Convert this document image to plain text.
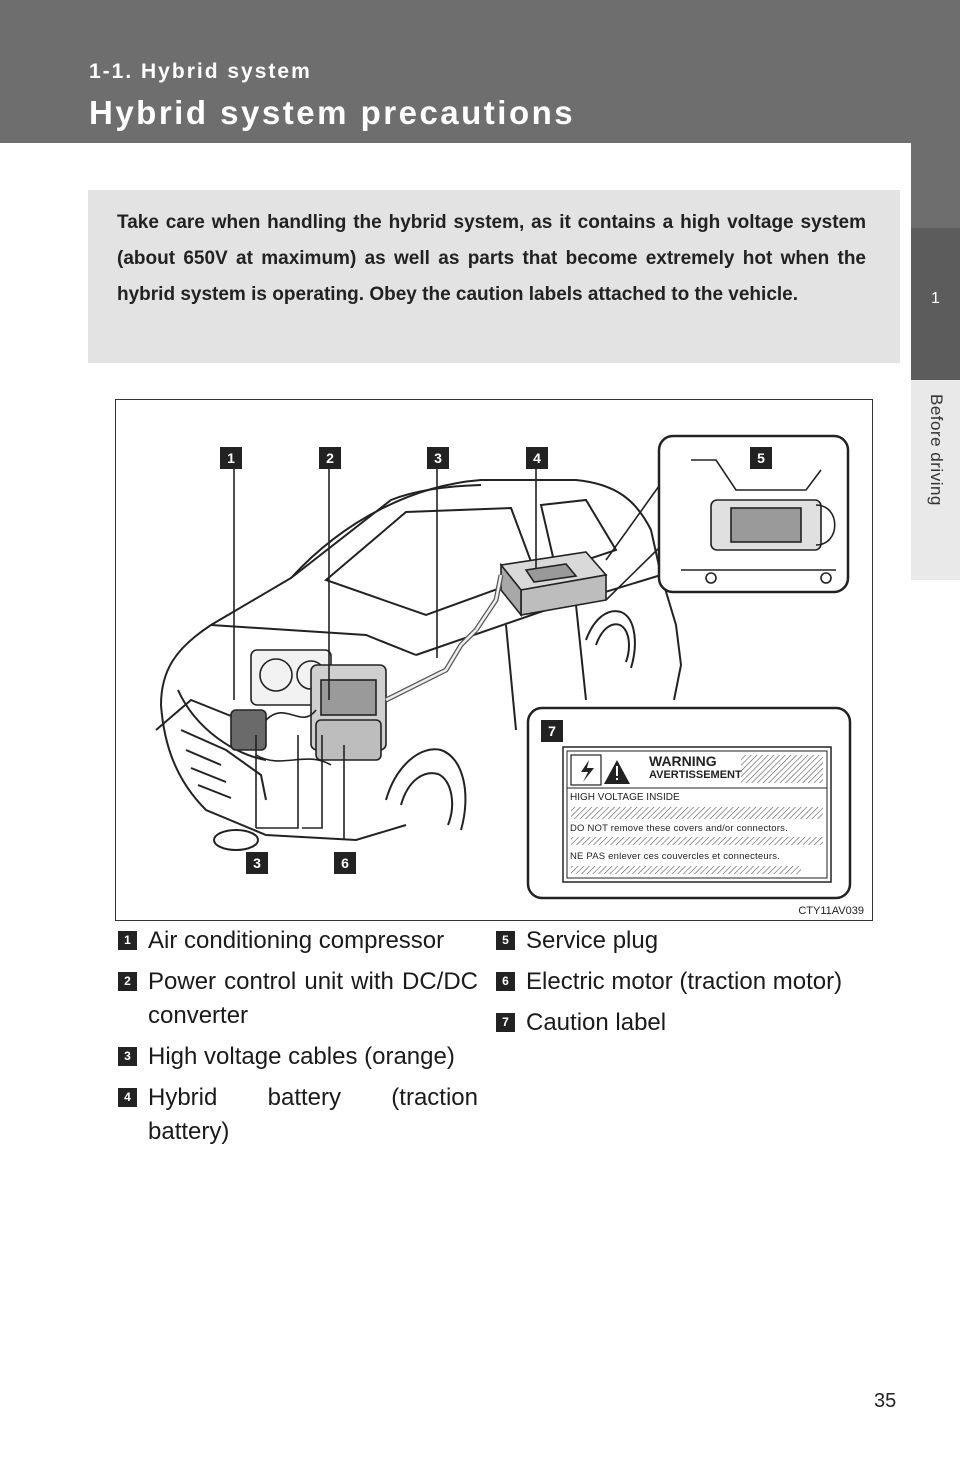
1-1. Hybrid system
Hybrid system precautions
1
Before driving

Take care when handling the hybrid system, as it contains a high voltage system (about 650V at maximum) as well as parts that become extremely hot when the hybrid system is operating. Obey the caution labels attached to the vehicle.

WARNING
AVERTISSEMENT
HIGH VOLTAGE INSIDE
DO NOT remove these covers and/or connectors.
NE PAS enlever ces couvercles et connecteurs.
1	2	3	4	5
3	6
7
CTY11AV039
1 Air conditioning compressor
2 Power control unit with DC/DC converter
3 High voltage cables (orange)
4 Hybrid battery (traction battery)
5 Service plug
6 Electric motor (traction motor)
7 Caution label
35
